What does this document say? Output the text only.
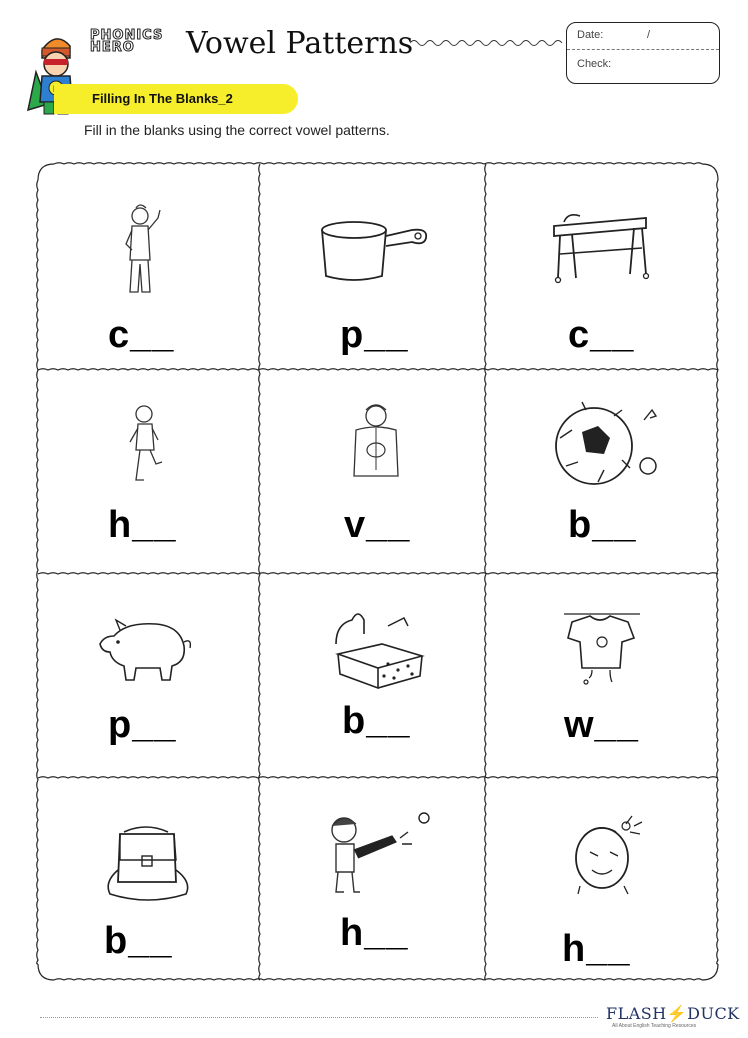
PHONICS
HERO	Vowel Patterns	Date:	/
Check:
Filling In The Blanks_2
Fill in the blanks using the correct vowel patterns.
c__	p__	c__
h__	v__	b__
p__	b__	w__
b__	h__	h__
FLASH⚡DUCK
All About English Teaching Resources
